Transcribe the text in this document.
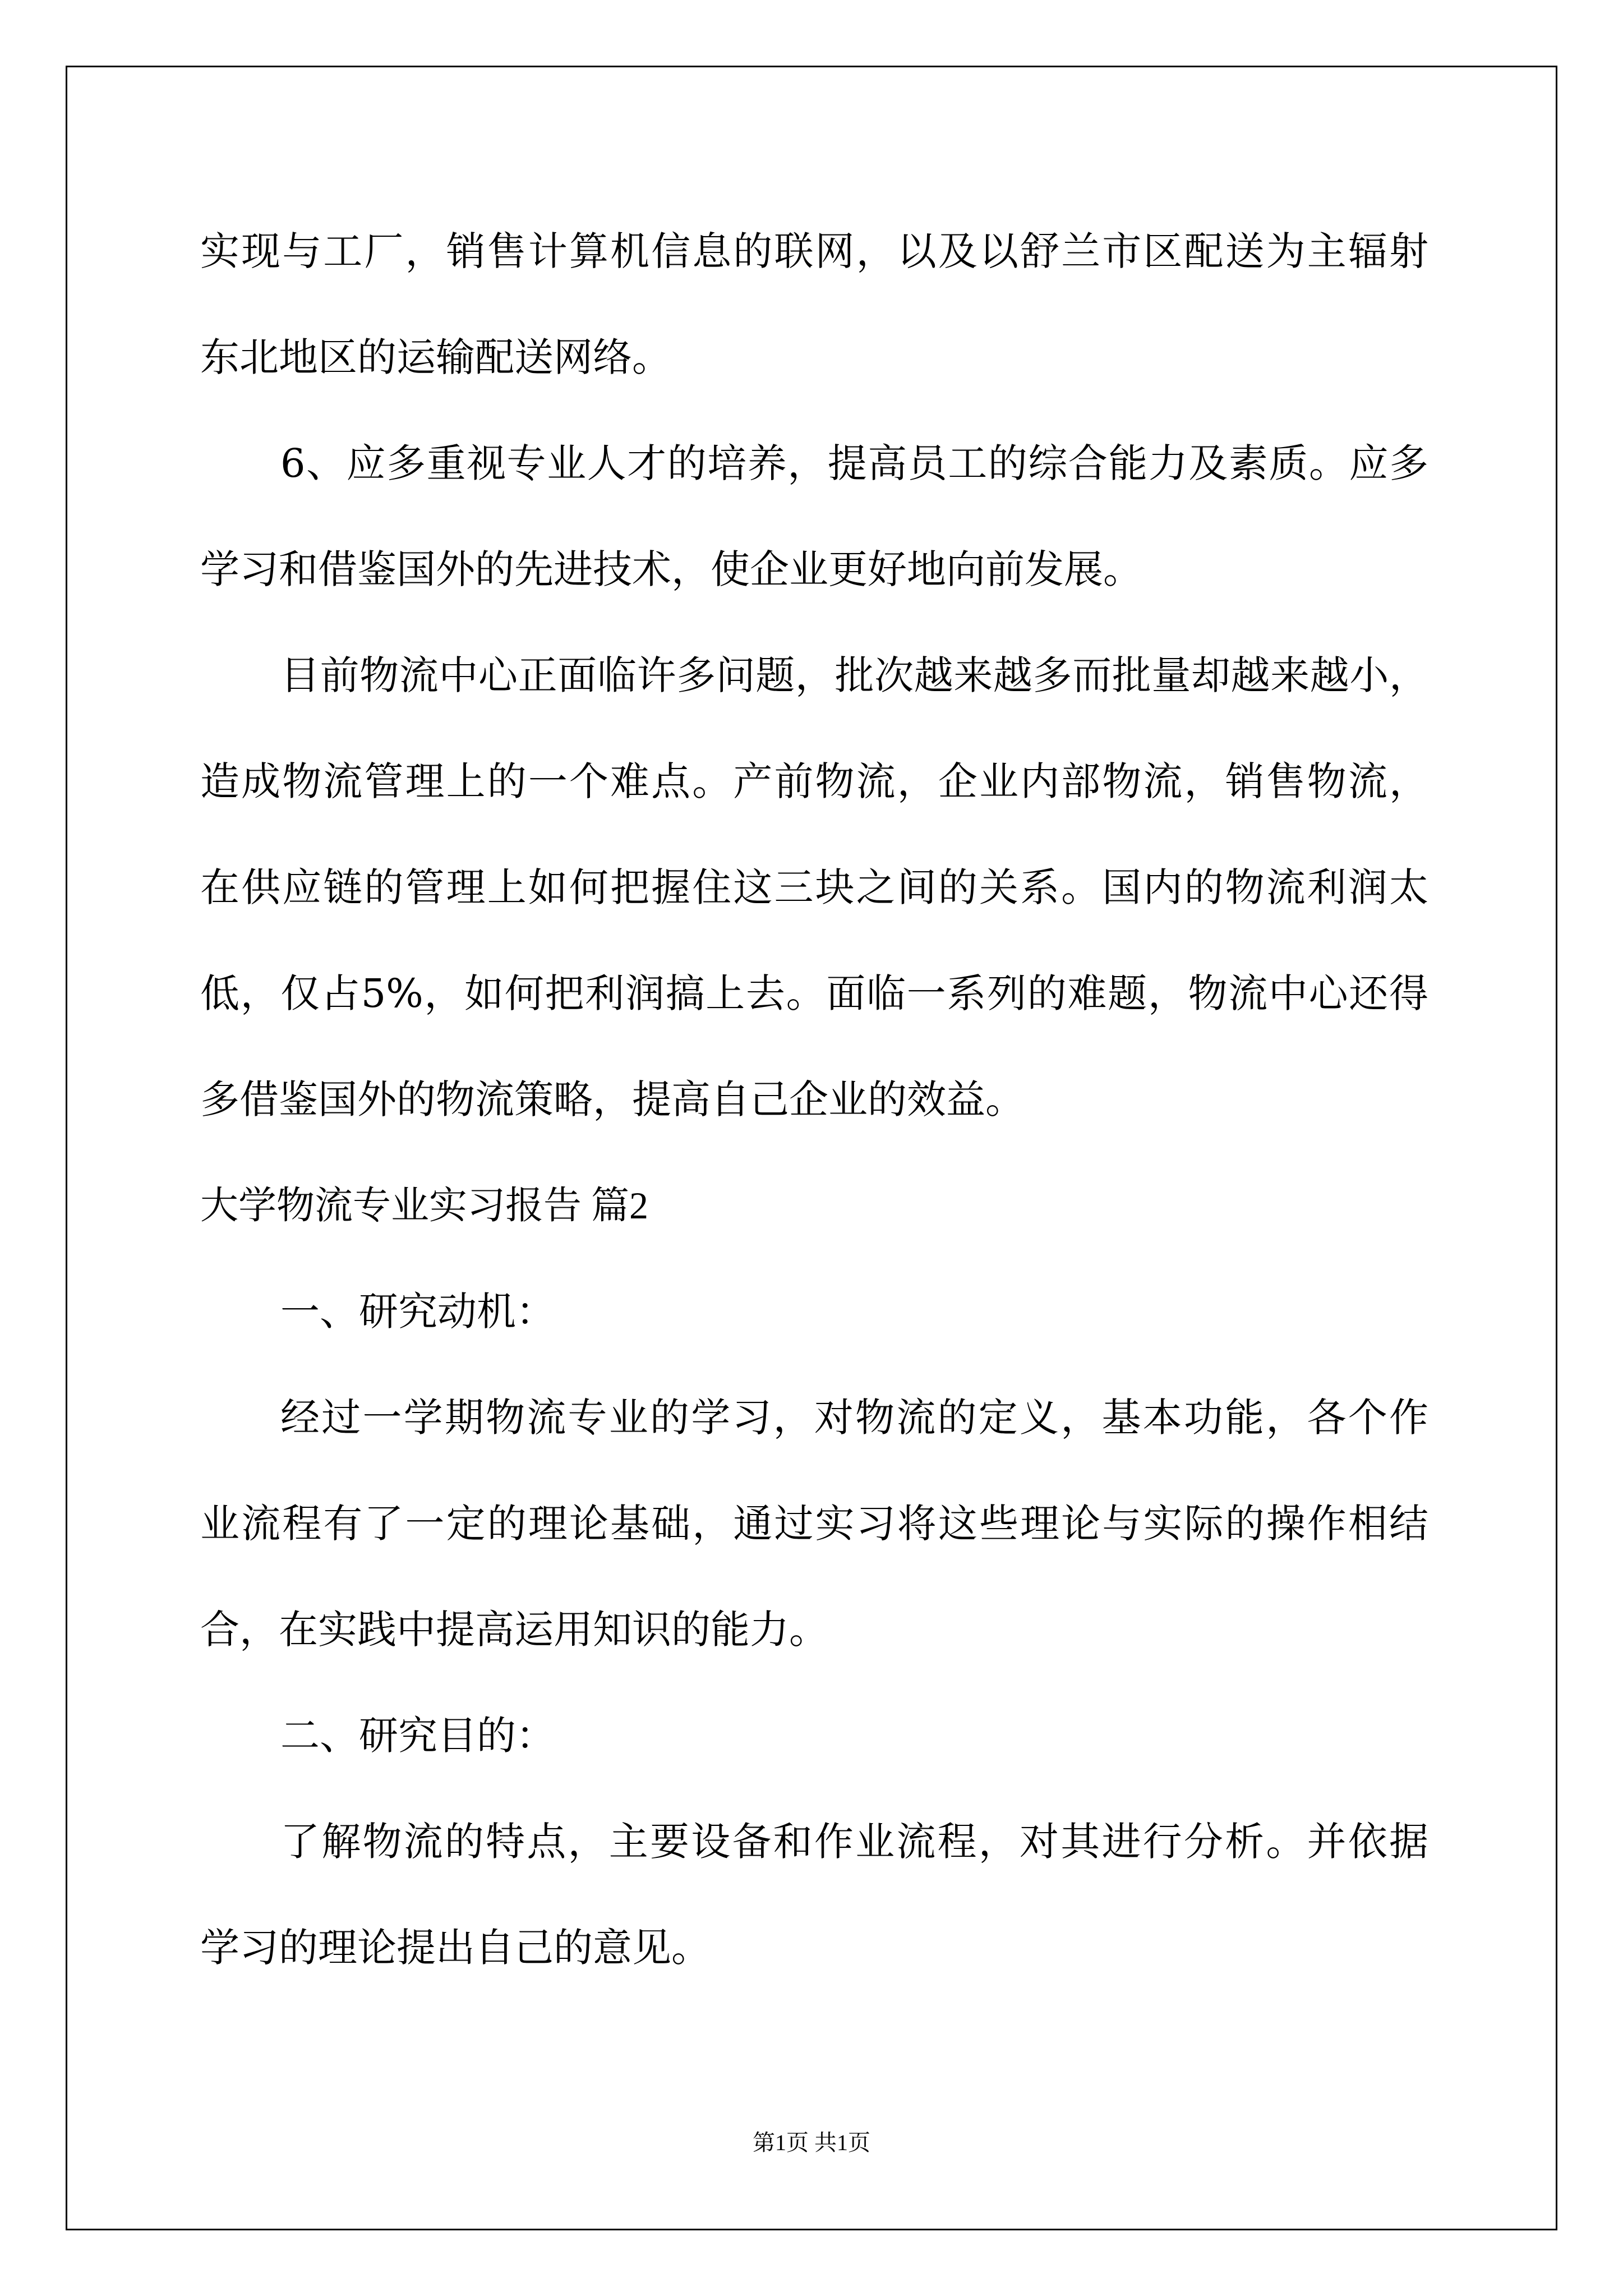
实现与工厂，销售计算机信息的联网，以及以舒兰市区配送为主辐射
东北地区的运输配送网络。
6、应多重视专业人才的培养，提高员工的综合能力及素质。应多
学习和借鉴国外的先进技术，使企业更好地向前发展。
目前物流中心正面临许多问题，批次越来越多而批量却越来越小，
造成物流管理上的一个难点。产前物流，企业内部物流，销售物流，
在供应链的管理上如何把握住这三块之间的关系。国内的物流利润太
低，仅占5%，如何把利润搞上去。面临一系列的难题，物流中心还得
多借鉴国外的物流策略，提高自己企业的效益。
大学物流专业实习报告 篇2
一、研究动机：
经过一学期物流专业的学习，对物流的定义，基本功能，各个作
业流程有了一定的理论基础，通过实习将这些理论与实际的操作相结
合，在实践中提高运用知识的能力。
二、研究目的：
了解物流的特点，主要设备和作业流程，对其进行分析。并依据
学习的理论提出自己的意见。
第1页 共1页
